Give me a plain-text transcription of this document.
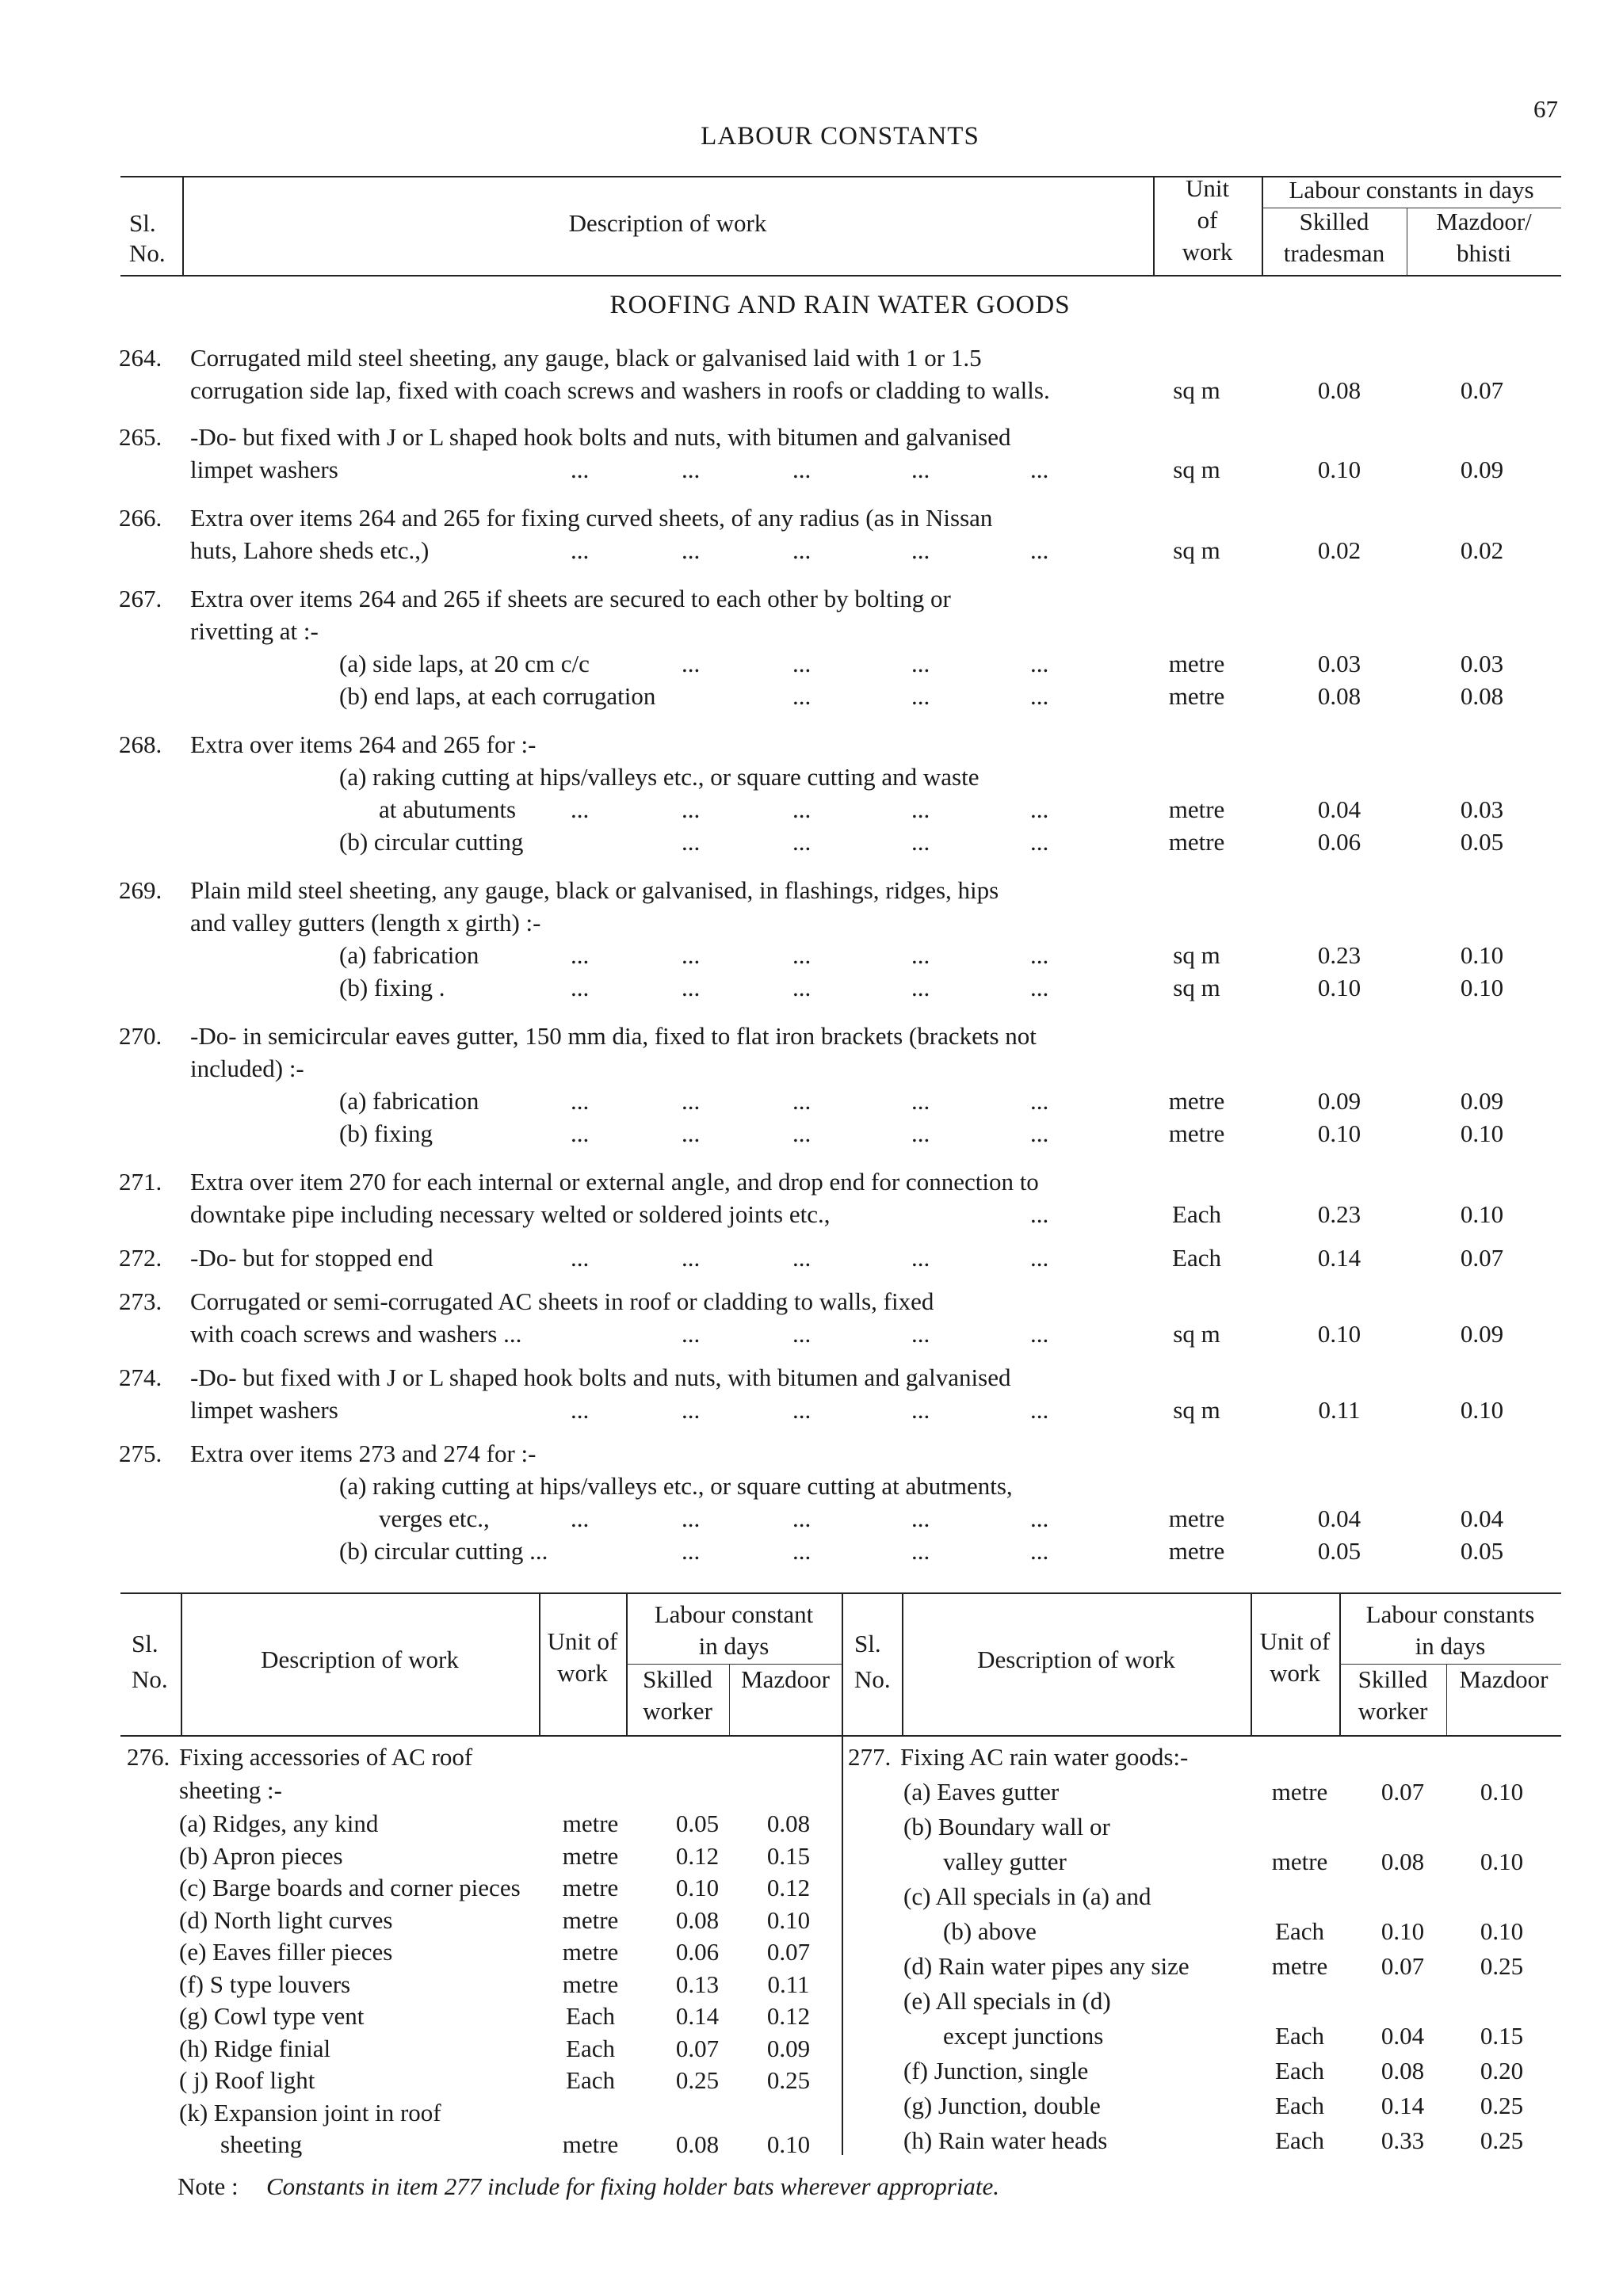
67
LABOUR CONSTANTS
Sl.
No.
Description of work
Unit
of
work
Labour constants in days
Skilled
tradesman
Mazdoor/
bhisti
ROOFING AND RAIN WATER GOODS
264. Corrugated mild steel sheeting, any gauge, black or galvanised laid with 1 or 1.5
corrugation side lap, fixed with coach screws and washers in roofs or cladding to walls.	sq m	0.08	0.07
265. -Do- but fixed with J or L shaped hook bolts and nuts, with bitumen and galvanised
limpet washers	...	...	...	...	...	sq m	0.10	0.09
266. Extra over items 264 and 265 for fixing curved sheets, of any radius (as in Nissan
huts, Lahore sheds etc.,)	...	...	...	...	...	sq m	0.02	0.02
267. Extra over items 264 and 265 if sheets are secured to each other by bolting or
rivetting at :-
(a) side laps, at 20 cm c/c	...	...	...	...	metre	0.03	0.03
(b) end laps, at each corrugation	...	...	...	metre	0.08	0.08
268. Extra over items 264 and 265 for :-
(a) raking cutting at hips/valleys etc., or square cutting and waste
at abutuments ...	...	...	...	...	metre	0.04	0.03
(b) circular cutting	...	...	...	...	metre	0.06	0.05
269. Plain mild steel sheeting, any gauge, black or galvanised, in flashings, ridges, hips
and valley gutters (length x girth) :-
(a) fabrication	...	...	...	...	...	sq m	0.23	0.10
(b) fixing .	...	...	...	...	...	sq m	0.10	0.10
270. -Do- in semicircular eaves gutter, 150 mm dia, fixed to flat iron brackets (brackets not
included) :-
(a) fabrication	...	...	...	...	...	metre	0.09	0.09
(b) fixing	...	...	...	...	...	metre	0.10	0.10
271. Extra over item 270 for each internal or external angle, and drop end for connection to
downtake pipe including necessary welted or soldered joints etc.,	...	Each	0.23	0.10
272. -Do- but for stopped end	...	...	...	...	...	Each	0.14	0.07
273. Corrugated or semi-corrugated AC sheets in roof or cladding to walls, fixed
with coach screws and washers ...	...	...	...	...	sq m	0.10	0.09
274. -Do- but fixed with J or L shaped hook bolts and nuts, with bitumen and galvanised
limpet washers	...	...	...	...	...	sq m	0.11	0.10
275. Extra over items 273 and 274 for :-
(a) raking cutting at hips/valleys etc., or square cutting at abutments,
verges etc.,	...	...	...	...	...	metre	0.04	0.04
(b) circular cutting ...	...	...	...	...	metre	0.05	0.05
Sl.
No.
Description of work
Unit of
work
Labour constant
in days
Skilled
worker
Mazdoor
Sl.
No.
Description of work
Unit of
work
Labour constants
in days
Skilled
worker
Mazdoor
276. Fixing accessories of AC roof
sheeting :-
(a) Ridges, any kind	metre	0.05	0.08
(b) Apron pieces	metre	0.12	0.15
(c) Barge boards and corner pieces	metre	0.10	0.12
(d) North light curves	metre	0.08	0.10
(e) Eaves filler pieces	metre	0.06	0.07
(f) S type louvers	metre	0.13	0.11
(g) Cowl type vent	Each	0.14	0.12
(h) Ridge finial	Each	0.07	0.09
( j) Roof light	Each	0.25	0.25
(k) Expansion joint in roof
sheeting	metre	0.08	0.10
277. Fixing AC rain water goods:-
(a) Eaves gutter	metre	0.07	0.10
(b) Boundary wall or
valley gutter	metre	0.08	0.10
(c) All specials in (a) and
(b) above	Each	0.10	0.10
(d) Rain water pipes any size	metre	0.07	0.25
(e) All specials in (d)
except junctions	Each	0.04	0.15
(f) Junction, single	Each	0.08	0.20
(g) Junction, double	Each	0.14	0.25
(h) Rain water heads	Each	0.33	0.25
Note : Constants in item 277 include for fixing holder bats wherever appropriate.
